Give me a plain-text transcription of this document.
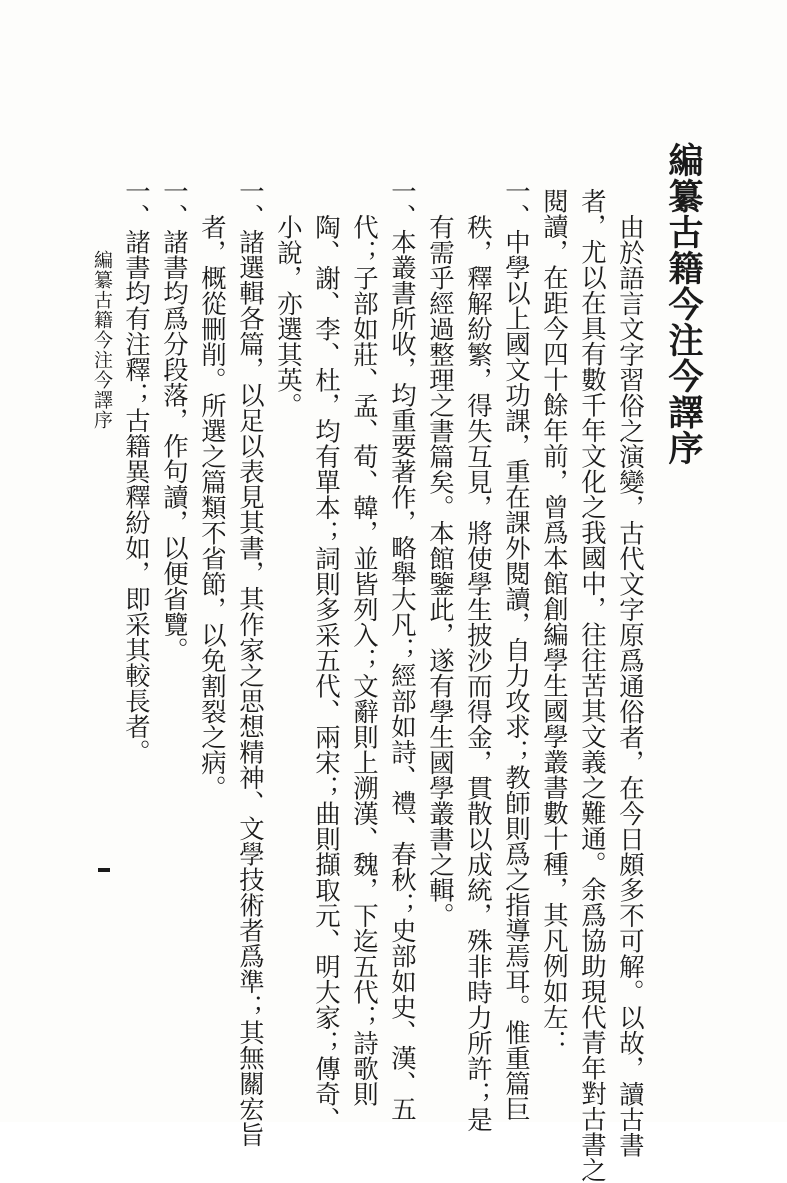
編纂古籍今注今譯序
由於語言文字習俗之演變，古代文字原爲通俗者，在今日頗多不可解。以故，讀古書
者，尤以在具有數千年文化之我國中，往往苦其文義之難通。余爲協助現代青年對古書之
閱讀，在距今四十餘年前，曾爲本館創編學生國學叢書數十種，其凡例如左：
一、中學以上國文功課，重在課外閱讀，自力攻求；教師則爲之指導焉耳。惟重篇巨
秩，釋解紛繁，得失互見，將使學生披沙而得金，貫散以成統，殊非時力所許；是
有需乎經過整理之書篇矣。本館鑒此，遂有學生國學叢書之輯。
一、本叢書所收，均重要著作，略舉大凡；經部如詩、禮、春秋；史部如史、漢、五
代；子部如莊、孟、荀、韓，並皆列入；文辭則上溯漢、魏，下迄五代；詩歌則
陶、謝、李、杜，均有單本；詞則多采五代、兩宋；曲則擷取元、明大家；傳奇、
小說，亦選其英。
一、諸選輯各篇，以足以表見其書，其作家之思想精神、文學技術者爲準；其無關宏旨
者，概從刪削。所選之篇類不省節，以免割裂之病。
一、諸書均爲分段落，作句讀，以便省覽。
一、諸書均有注釋；古籍異釋紛如，即采其較長者。
編纂古籍今注今譯序
